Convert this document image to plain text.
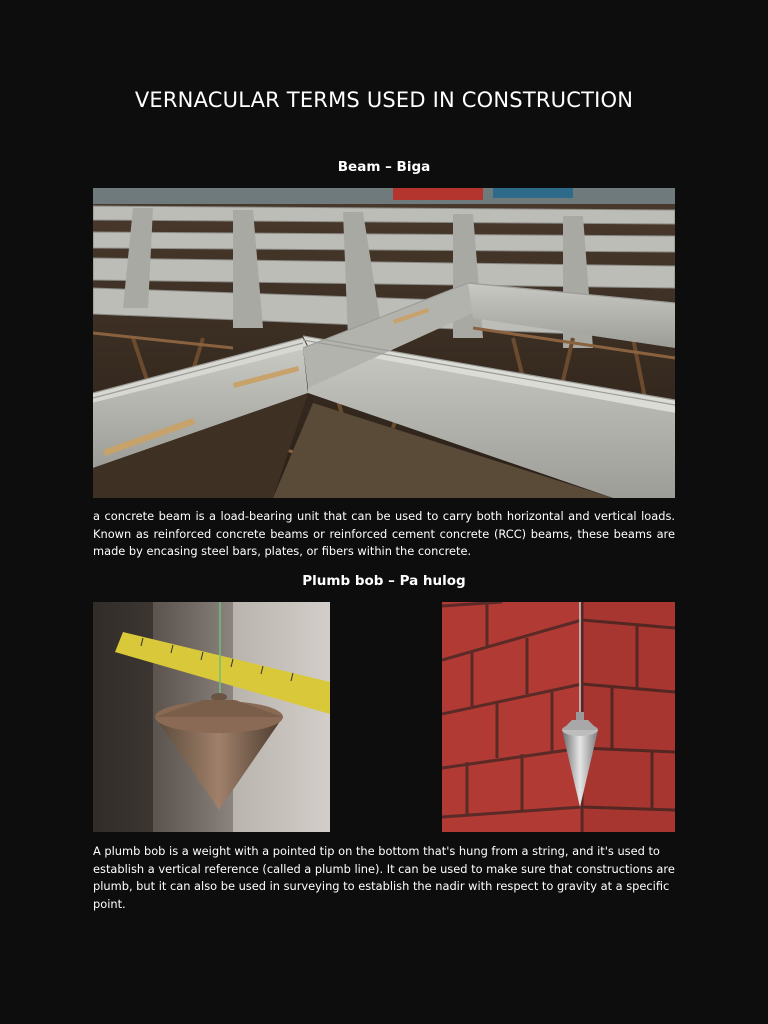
VERNACULAR TERMS USED IN CONSTRUCTION
Beam – Biga
a concrete beam is a load-bearing unit that can be used to carry both horizontal and vertical loads. Known as reinforced concrete beams or reinforced cement concrete (RCC) beams, these beams are made by encasing steel bars, plates, or fibers within the concrete.
Plumb bob – Pa hulog
A plumb bob is a weight with a pointed tip on the bottom that's hung from a string, and it's used to establish a vertical reference (called a plumb line). It can be used to make sure that constructions are plumb, but it can also be used in surveying to establish the nadir with respect to gravity at a specific point.
